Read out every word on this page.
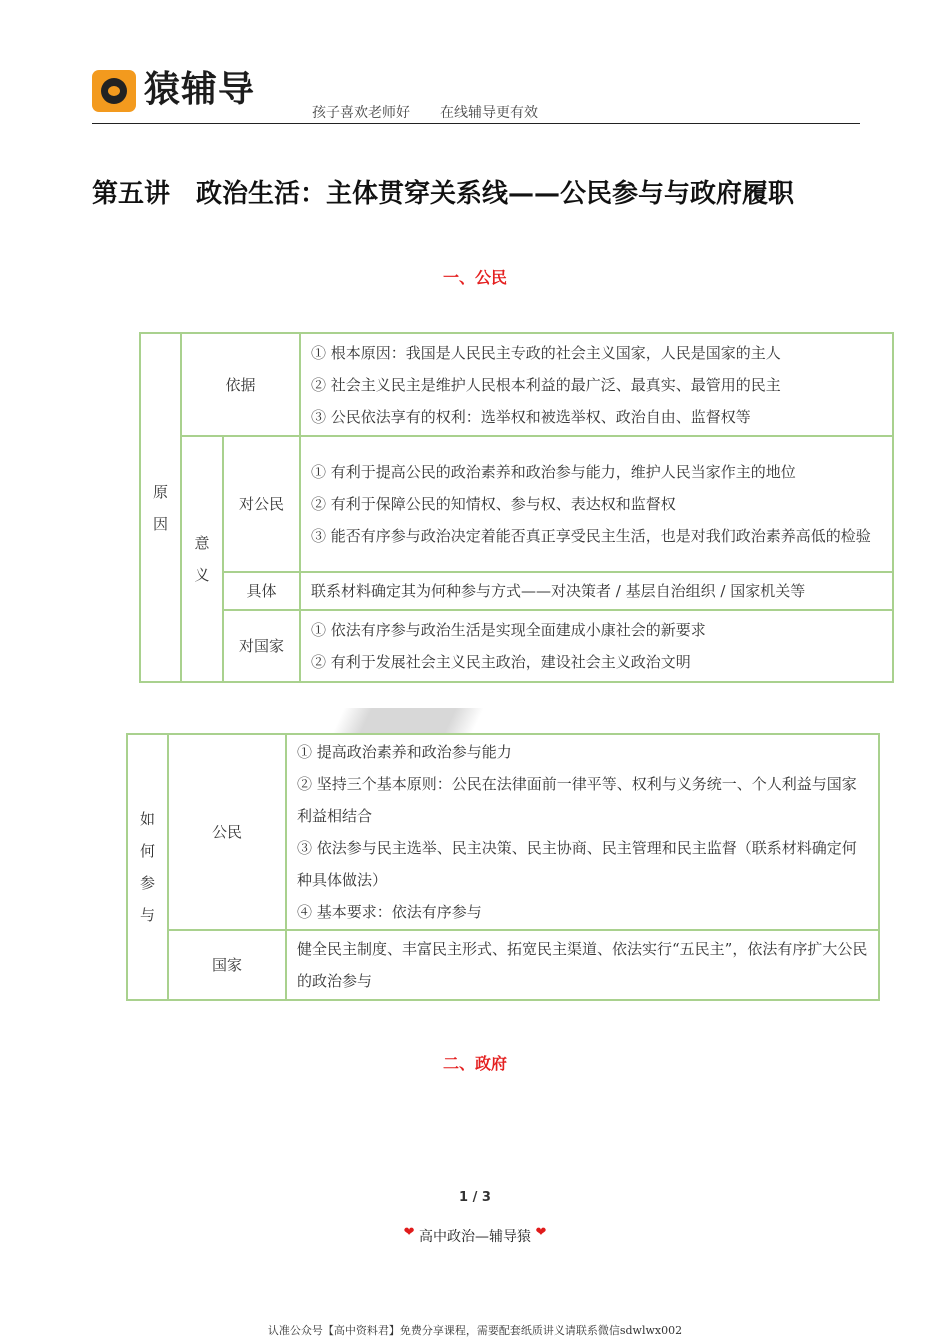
猿辅导
孩子喜欢老师好 在线辅导更有效
第五讲　政治生活：主体贯穿关系线——公民参与与政府履职
一、公民
原因	依据		① 根本原因：我国是人民民主专政的社会主义国家，人民是国家的主人
② 社会主义民主是维护人民根本利益的最广泛、最真实、最管用的民主
③ 公民依法享有的权利：选举权和被选举权、政治自由、监督权等

	意义	对公民	① 有利于提高公民的政治素养和政治参与能力，维护人民当家作主的地位
② 有利于保障公民的知情权、参与权、表达权和监督权
③ 能否有序参与政治决定着能否真正享受民主生活，也是对我们政治素养高低的检验

		具体	联系材料确定其为何种参与方式——对决策者 / 基层自治组织 / 国家机关等
		对国家	① 依法有序参与政治生活是实现全面建成小康社会的新要求
② 有利于发展社会主义民主政治，建设社会主义政治文明
如何参与	公民	① 提高政治素养和政治参与能力
② 坚持三个基本原则：公民在法律面前一律平等、权利与义务统一、个人利益与国家利益相结合
③ 依法参与民主选举、民主决策、民主协商、民主管理和民主监督（联系材料确定何种具体做法）
④ 基本要求：依法有序参与

	国家	健全民主制度、丰富民主形式、拓宽民主渠道、依法实行“五民主”，依法有序扩大公民的政治参与
二、政府
1 / 3
❤ 高中政治—辅导猿 ❤
认准公众号【高中资料君】免费分享课程，需要配套纸质讲义请联系微信sdwlwx002
